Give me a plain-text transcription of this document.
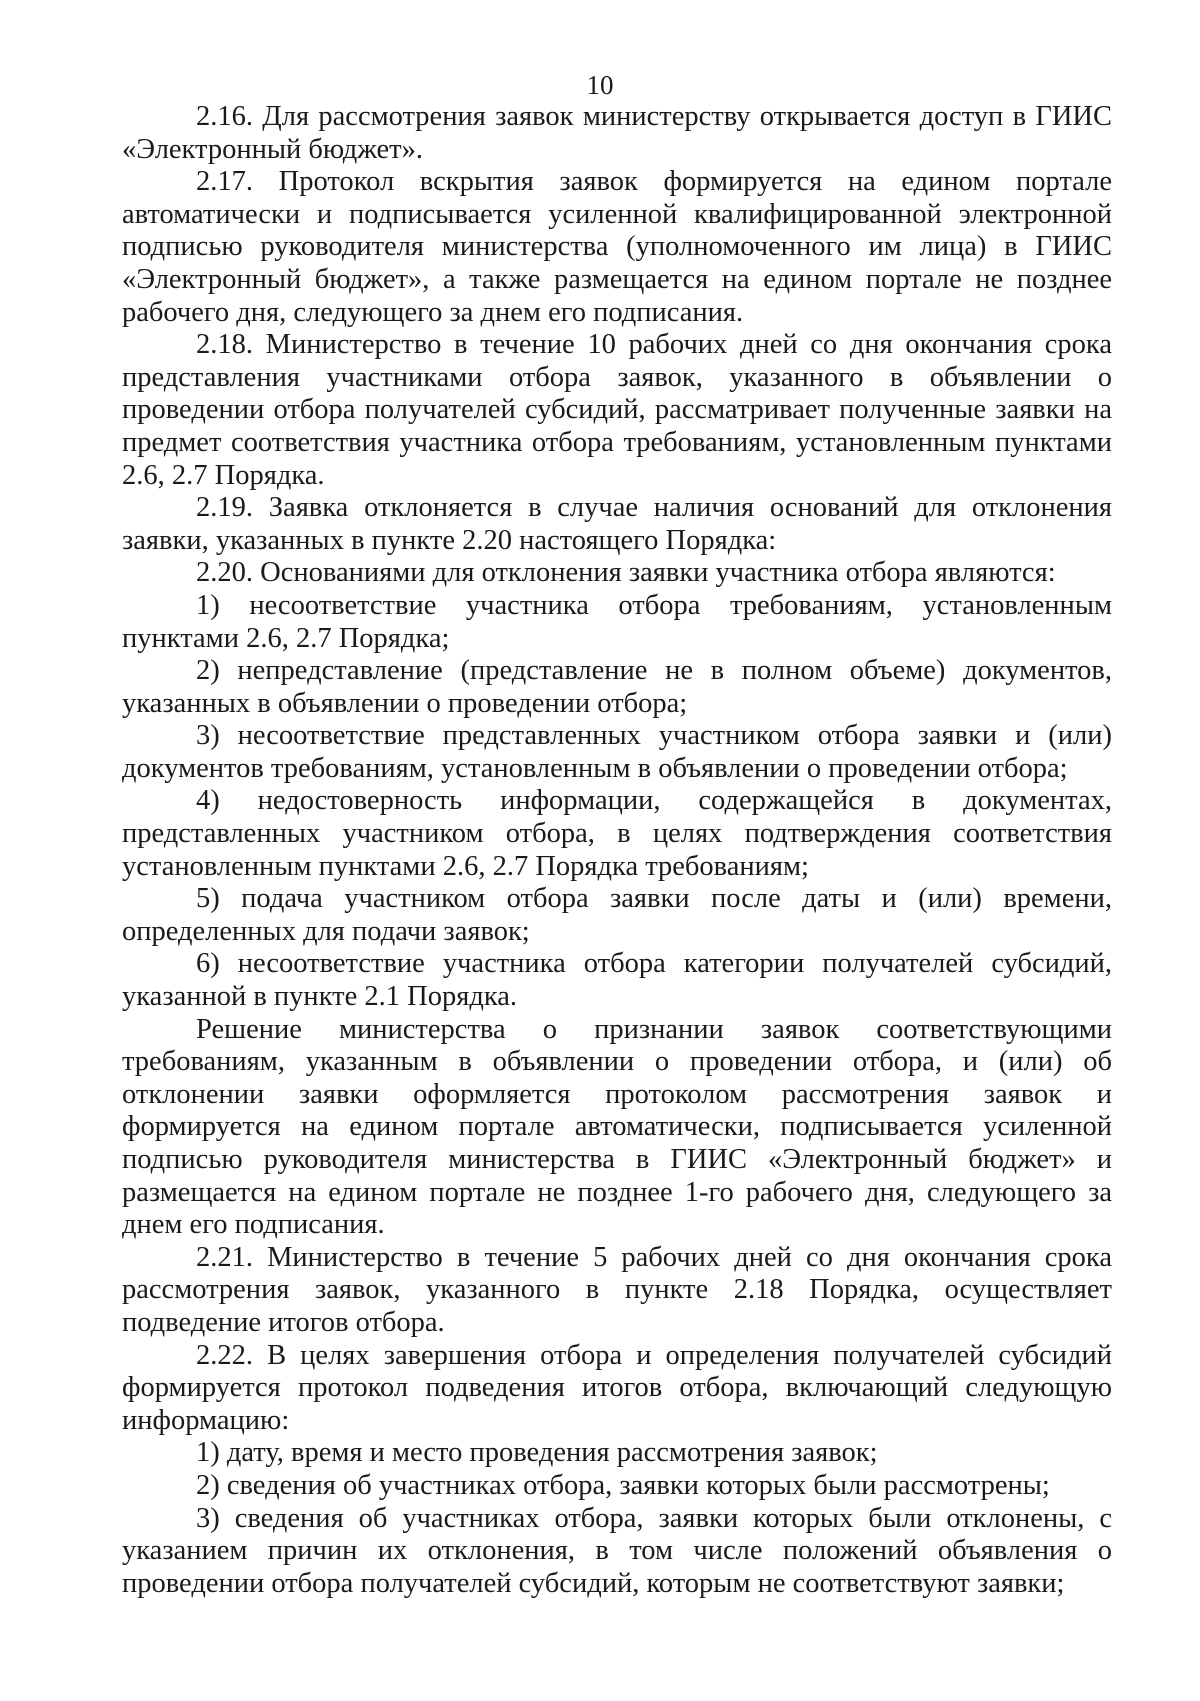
10

2.16. Для рассмотрения заявок министерству открывается доступ в ГИИС «Электронный бюджет».

2.17. Протокол вскрытия заявок формируется на едином портале автоматически и подписывается усиленной квалифицированной электронной подписью руководителя министерства (уполномоченного им лица) в ГИИС «Электронный бюджет», а также размещается на едином портале не позднее рабочего дня, следующего за днем его подписания.

2.18. Министерство в течение 10 рабочих дней со дня окончания срока представления участниками отбора заявок, указанного в объявлении о проведении отбора получателей субсидий, рассматривает полученные заявки на предмет соответствия участника отбора требованиям, установленным пунктами 2.6, 2.7 Порядка.

2.19. Заявка отклоняется в случае наличия оснований для отклонения заявки, указанных в пункте 2.20 настоящего Порядка:

2.20. Основаниями для отклонения заявки участника отбора являются:

1) несоответствие участника отбора требованиям, установленным пунктами 2.6, 2.7 Порядка;

2) непредставление (представление не в полном объеме) документов, указанных в объявлении о проведении отбора;

3) несоответствие представленных участником отбора заявки и (или) документов требованиям, установленным в объявлении о проведении отбора;

4) недостоверность информации, содержащейся в документах, представленных участником отбора, в целях подтверждения соответствия установленным пунктами 2.6, 2.7 Порядка требованиям;

5) подача участником отбора заявки после даты и (или) времени, определенных для подачи заявок;

6) несоответствие участника отбора категории получателей субсидий, указанной в пункте 2.1 Порядка.

Решение министерства о признании заявок соответствующими требованиям, указанным в объявлении о проведении отбора, и (или) об отклонении заявки оформляется протоколом рассмотрения заявок и формируется на едином портале автоматически, подписывается усиленной подписью руководителя министерства в ГИИС «Электронный бюджет» и размещается на едином портале не позднее 1-го рабочего дня, следующего за днем его подписания.

2.21. Министерство в течение 5 рабочих дней со дня окончания срока рассмотрения заявок, указанного в пункте 2.18 Порядка, осуществляет подведение итогов отбора.

2.22. В целях завершения отбора и определения получателей субсидий формируется протокол подведения итогов отбора, включающий следующую информацию:

1) дату, время и место проведения рассмотрения заявок;

2) сведения об участниках отбора, заявки которых были рассмотрены;

3) сведения об участниках отбора, заявки которых были отклонены, с указанием причин их отклонения, в том числе положений объявления о проведении отбора получателей субсидий, которым не соответствуют заявки;
